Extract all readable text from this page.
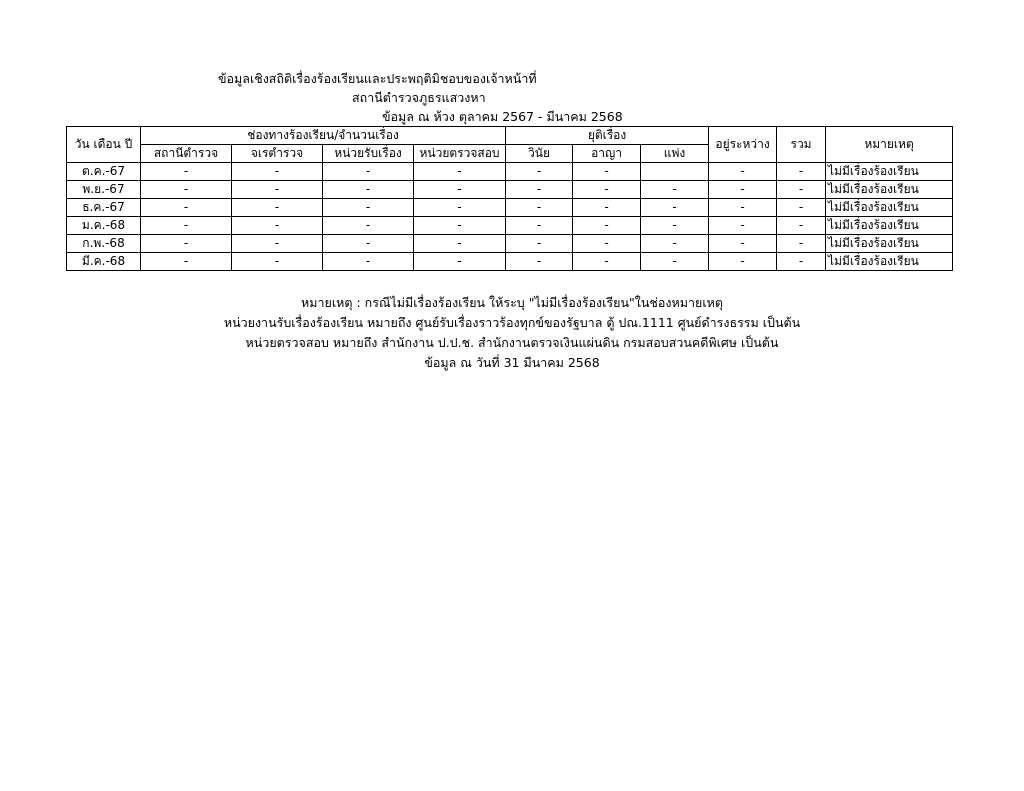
ข้อมูลเชิงสถิติเรื่องร้องเรียนและประพฤติมิชอบของเจ้าหน้าที่
สถานีตำรวจภูธรแสวงหา
ข้อมูล ณ ห้วง ตุลาคม 2567 - มีนาคม 2568
วัน เดือน ปี	ช่องทางร้องเรียน/จำนวนเรื่อง				ยุติเรื่อง			อยู่ระหว่าง	รวม	หมายเหตุ
	สถานีตำรวจ	จเรตำรวจ	หน่วยรับเรื่อง	หน่วยตรวจสอบ	วินัย	อาญา	แพ่ง			
ต.ค.-67	-	-	-	-	-	-		-	-	ไม่มีเรื่องร้องเรียน
พ.ย.-67	-	-	-	-	-	-	-	-	-	ไม่มีเรื่องร้องเรียน
ธ.ค.-67	-	-	-	-	-	-	-	-	-	ไม่มีเรื่องร้องเรียน
ม.ค.-68	-	-	-	-	-	-	-	-	-	ไม่มีเรื่องร้องเรียน
ก.พ.-68	-	-	-	-	-	-	-	-	-	ไม่มีเรื่องร้องเรียน
มี.ค.-68	-	-	-	-	-	-	-	-	-	ไม่มีเรื่องร้องเรียน
หมายเหตุ : กรณีไม่มีเรื่องร้องเรียน ให้ระบุ "ไม่มีเรื่องร้องเรียน"ในช่องหมายเหตุ
หน่วยงานรับเรื่องร้องเรียน หมายถึง ศูนย์รับเรื่องราวร้องทุกข์ของรัฐบาล ตู้ ปณ.1111 ศูนย์ดำรงธรรม เป็นต้น
หน่วยตรวจสอบ หมายถึง สำนักงาน ป.ป.ช. สำนักงานตรวจเงินแผ่นดิน กรมสอบสวนคดีพิเศษ เป็นต้น
ข้อมูล ณ วันที่ 31 มีนาคม 2568
